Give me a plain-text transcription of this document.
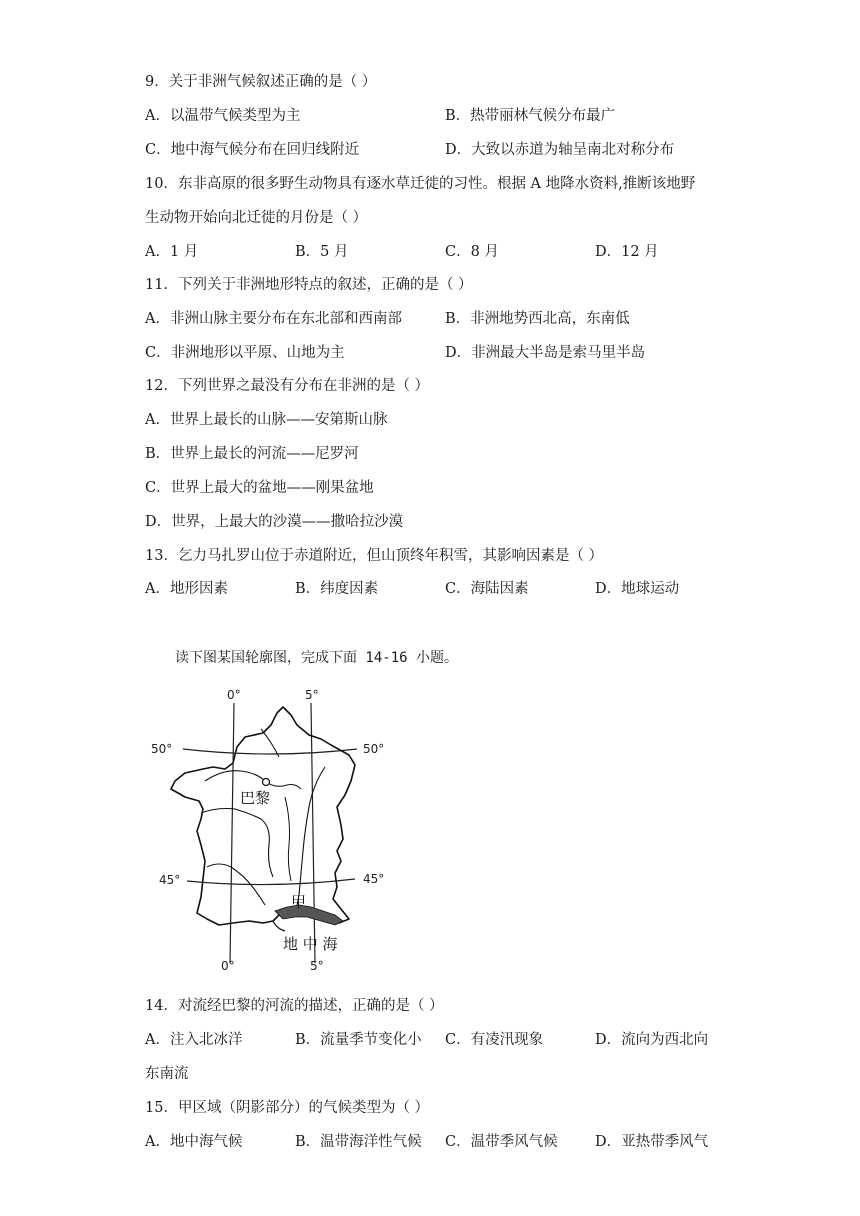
9．关于非洲气候叙述正确的是（ ）
A．以温带气候类型为主	B．热带丽林气候分布最广
C．地中海气候分布在回归线附近	D．大致以赤道为轴呈南北对称分布
10．东非高原的很多野生动物具有逐水草迁徙的习性。根据 A 地降水资料,推断该地野
生动物开始向北迁徙的月份是（ ）
A．1 月	B．5 月	C．8 月	D．12 月
11．下列关于非洲地形特点的叙述，正确的是（ ）
A．非洲山脉主要分布在东北部和西南部	B．非洲地势西北高，东南低
C．非洲地形以平原、山地为主	D．非洲最大半岛是索马里半岛
12．下列世界之最没有分布在非洲的是（ ）
A．世界上最长的山脉——安第斯山脉
B．世界上最长的河流——尼罗河
C．世界上最大的盆地——刚果盆地
D．世界，上最大的沙漠——撒哈拉沙漠
13．乞力马扎罗山位于赤道附近，但山顶终年积雪，其影响因素是（ ）
A．地形因素	B．纬度因素	C．海陆因素	D．地球运动
读下图某国轮廓图，完成下面 14-16 小题。
0°	5°
0°	5°
50°	50°
45°	45°
巴黎
甲
地 中 海
14．对流经巴黎的河流的描述，正确的是（ ）
A．注入北冰洋	B．流量季节变化小 C．有凌汛现象	D．流向为西北向
东南流
15．甲区域（阴影部分）的气候类型为（ ）
A．地中海气候	B．温带海洋性气候 C．温带季风气候	D．亚热带季风气
